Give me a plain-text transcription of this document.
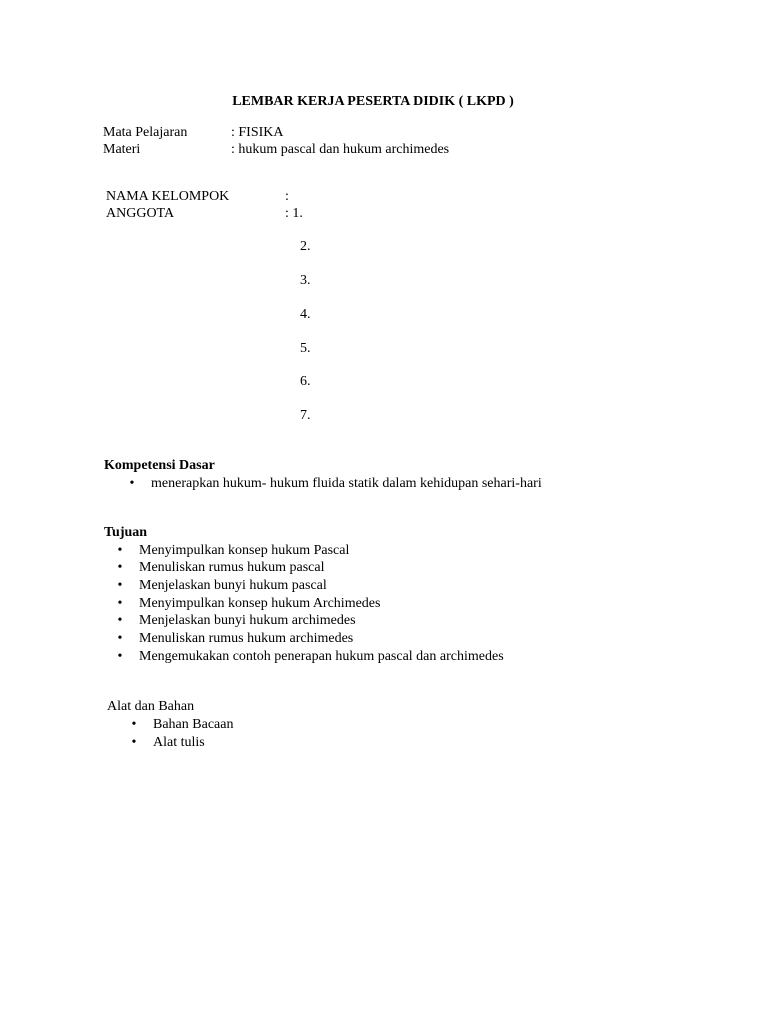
LEMBAR KERJA PESERTA DIDIK ( LKPD )
Mata Pelajaran	: FISIKA
Materi	: hukum pascal dan hukum archimedes
NAMA KELOMPOK	:
ANGGOTA	: 1.
2.
3.
4.
5.
6.
7.
Kompetensi Dasar
•	menerapkan hukum- hukum fluida statik dalam kehidupan sehari-hari
Tujuan
•	Menyimpulkan konsep hukum Pascal
•	Menuliskan rumus hukum pascal
•	Menjelaskan bunyi hukum pascal
•	Menyimpulkan konsep hukum Archimedes
•	Menjelaskan bunyi hukum archimedes
•	Menuliskan rumus hukum archimedes
•	Mengemukakan contoh penerapan hukum pascal dan archimedes
Alat dan Bahan
•	Bahan Bacaan
•	Alat tulis
